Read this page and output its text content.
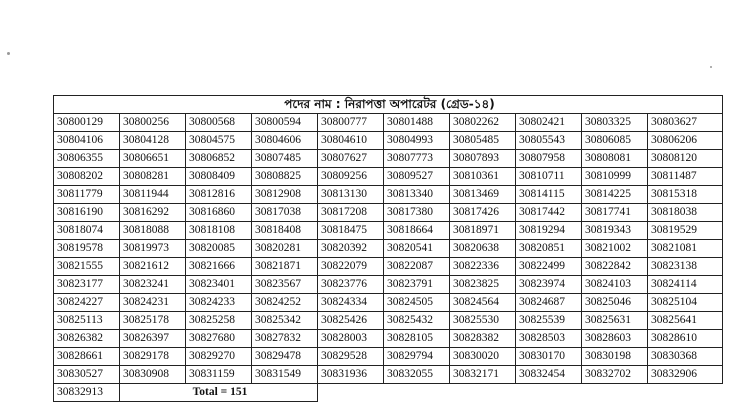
পদের নাম : নিরাপত্তা অপারেটর (গ্রেড-১৪)									
30800129	30800256	30800568	30800594	30800777	30801488	30802262	30802421	30803325	30803627
30804106	30804128	30804575	30804606	30804610	30804993	30805485	30805543	30806085	30806206
30806355	30806651	30806852	30807485	30807627	30807773	30807893	30807958	30808081	30808120
30808202	30808281	30808409	30808825	30809256	30809527	30810361	30810711	30810999	30811487
30811779	30811944	30812816	30812908	30813130	30813340	30813469	30814115	30814225	30815318
30816190	30816292	30816860	30817038	30817208	30817380	30817426	30817442	30817741	30818038
30818074	30818088	30818108	30818408	30818475	30818664	30818971	30819294	30819343	30819529
30819578	30819973	30820085	30820281	30820392	30820541	30820638	30820851	30821002	30821081
30821555	30821612	30821666	30821871	30822079	30822087	30822336	30822499	30822842	30823138
30823177	30823241	30823401	30823567	30823776	30823791	30823825	30823974	30824103	30824114
30824227	30824231	30824233	30824252	30824334	30824505	30824564	30824687	30825046	30825104
30825113	30825178	30825258	30825342	30825426	30825432	30825530	30825539	30825631	30825641
30826382	30826397	30827680	30827832	30828003	30828105	30828382	30828503	30828603	30828610
30828661	30829178	30829270	30829478	30829528	30829794	30830020	30830170	30830198	30830368
30830527	30830908	30831159	30831549	30831936	30832055	30832171	30832454	30832702	30832906
30832913	Total = 151								
